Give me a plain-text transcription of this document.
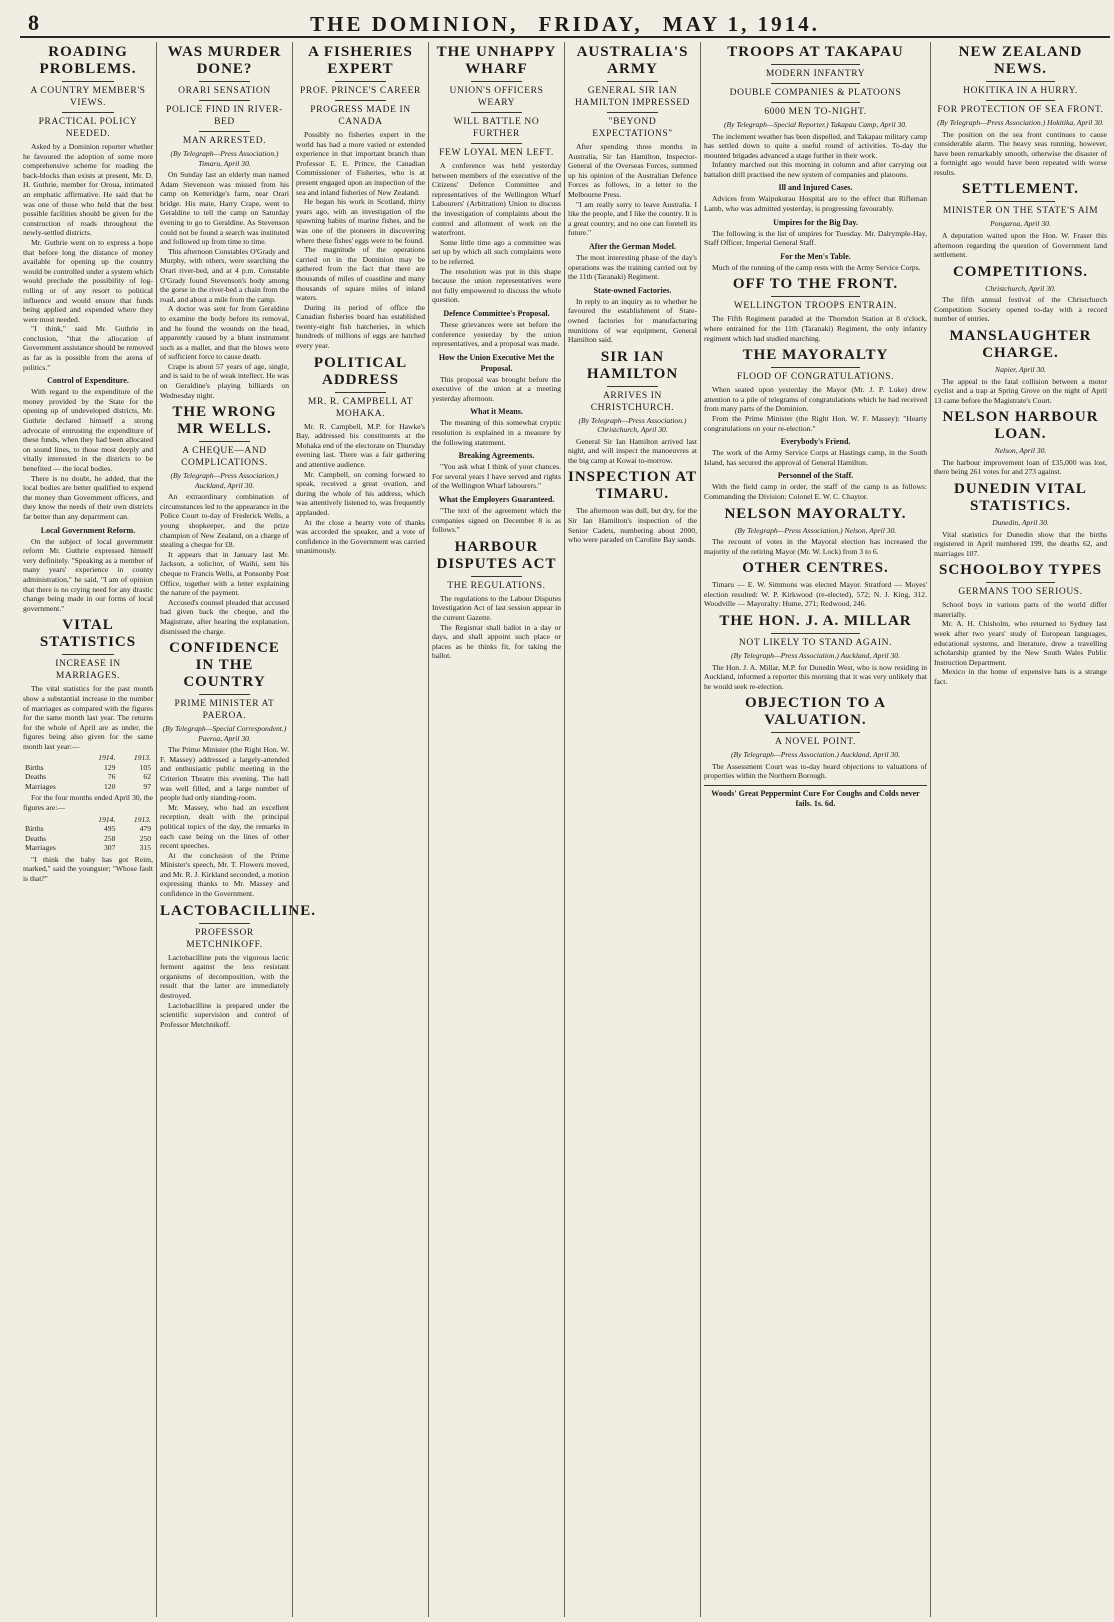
8	THE DOMINION, FRIDAY, MAY 1, 1914.
ROADING PROBLEMS.
A COUNTRY MEMBER'S VIEWS.
PRACTICAL POLICY NEEDED.

Asked by a Dominion reporter whether he favoured the adoption of some more comprehensive scheme for roading the back-blocks than exists at present, Mr. D. H. Guthrie, member for Oroua, intimated an emphatic affirmative. He said that he was one of those who held that the best possible facilities should be given for the construction of roads throughout the newly-settled districts.

Mr. Guthrie went on to express a hope that before long the distance of money available for opening up the country would be controlled under a system which would preclude the possibility of log-rolling or of any resort to political influence and would ensure that funds being applied and expended where they were most needed.

"I think," said Mr. Guthrie in conclusion, "that the allocation of Government assistance should be removed as far as is possible from the arena of politics."

Control of Expenditure.

With regard to the expenditure of the money provided by the State for the opening up of undeveloped districts, Mr. Guthrie declared himself a strong advocate of entrusting the expenditure of these funds, when they had been allocated on sound lines, to those most deeply and vitally interested in the districts to be benefited — the local bodies.

There is no doubt, he added, that the local bodies are better qualified to expend the money than Government officers, and they know the needs of their own districts far better than any department can.

Local Government Reform.

On the subject of local government reform Mr. Guthrie expressed himself very definitely. "Speaking as a member of many years' experience in county administration," he said, "I am of opinion that there is no crying need for any drastic change being made in our forms of local government."

VITAL STATISTICS
INCREASE IN MARRIAGES.

The vital statistics for the past month show a substantial increase in the number of marriages as compared with the figures for the same month last year. The returns for the whole of April are as under, the figures being also given for the same month last year:—

	1914.	1913.
Births	129	105
Deaths	76	62
Marriages	120	97

For the four months ended April 30, the figures are:—

	1914.	1913.
Births	495	479
Deaths	258	250
Marriages	307	315

"I think the baby has got Reim, marked," said the youngster; "Whose fault is that?"

WAS MURDER DONE?
ORARI SENSATION
POLICE FIND IN RIVER-BED
MAN ARRESTED.
(By Telegraph—Press Association.) Timaru, April 30.

On Sunday last an elderly man named Adam Stevenson was missed from his camp on Ketteridge's farm, near Orari bridge. His mate, Harry Crape, went to Geraldine to tell the camp on Saturday evening to go to Geraldine. As Stevenson could not be found a search was instituted and followed up from time to time.

This afternoon Constables O'Grady and Murphy, with others, were searching the Orari river-bed, and at 4 p.m. Constable O'Grady found Stevenson's body among the gorse in the river-bed a chain from the road, and about a mile from the camp.

A doctor was sent for from Geraldine to examine the body before its removal, and he found the wounds on the head, apparently caused by a blunt instrument such as a mallet, and that the blows were of sufficient force to cause death.

Crape is about 57 years of age, single, and is said to be of weak intellect. He was on Geraldine's playing billiards on Wednesday night.

THE WRONG MR WELLS.
A CHEQUE—AND COMPLICATIONS.
(By Telegraph—Press Association.) Auckland, April 30.

An extraordinary combination of circumstances led to the appearance in the Police Court to-day of Frederick Wells, a young shopkeeper, and the prize champion of New Zealand, on a charge of stealing a cheque for £8.

It appears that in January last Mr. Jackson, a solicitor, of Waihi, sent his cheque to Francis Wells, at Ponsonby Post Office, together with a letter explaining the nature of the payment.

Accused's counsel pleaded that accused had given back the cheque, and the Magistrate, after hearing the explanation, dismissed the charge.

CONFIDENCE IN THE COUNTRY
PRIME MINISTER AT PAEROA.
(By Telegraph—Special Correspondent.) Paeroa, April 30.

The Prime Minister (the Right Hon. W. F. Massey) addressed a largely-attended and enthusiastic public meeting in the Criterion Theatre this evening. The hall was well filled, and a large number of people had only standing-room.

Mr. Massey, who had an excellent reception, dealt with the principal political topics of the day, the remarks in each case being on the lines of other recent speeches.

At the conclusion of the Prime Minister's speech, Mr. T. Flowers moved, and Mr. R. J. Kirkland seconded, a motion expressing thanks to Mr. Massey and confidence in the Government.

LACTOBACILLINE.
PROFESSOR METCHNIKOFF.

Lactobacilline puts the vigorous lactic ferment against the less resistant organisms of decomposition, with the result that the latter are immediately destroyed.

Lactobacilline is prepared under the scientific supervision and control of Professor Metchnikoff.

A FISHERIES EXPERT
PROF. PRINCE'S CAREER
PROGRESS MADE IN CANADA

Possibly no fisheries expert in the world has had a more varied or extended experience in that important branch than Professor E. E. Prince, the Canadian Commissioner of Fisheries, who is at present engaged upon an inspection of the sea and inland fisheries of New Zealand.

He began his work in Scotland, thirty years ago, with an investigation of the spawning habits of marine fishes, and he was one of the pioneers in discovering where these fishes' eggs were to be found.

The magnitude of the operations carried on in the Dominion may be gathered from the fact that there are thousands of miles of coastline and many thousands of square miles of inland waters.

During its period of office the Canadian fisheries board has established twenty-eight fish hatcheries, in which hundreds of millions of eggs are hatched every year.

POLITICAL ADDRESS
MR. R. CAMPBELL AT MOHAKA.

Mr. R. Campbell, M.P. for Hawke's Bay, addressed his constituents at the Mohaka end of the electorate on Thursday evening last. There was a fair gathering and attentive audience.

Mr. Campbell, on coming forward to speak, received a great ovation, and during the whole of his address, which was attentively listened to, was frequently applauded.

At the close a hearty vote of thanks was accorded the speaker, and a vote of confidence in the Government was carried unanimously.

THE UNHAPPY WHARF
UNION'S OFFICERS WEARY
WILL BATTLE NO FURTHER
FEW LOYAL MEN LEFT.

A conference was held yesterday between members of the executive of the Citizens' Defence Committee and representatives of the Wellington Wharf Labourers' (Arbitration) Union to discuss the investigation of complaints about the control and allotment of work on the waterfront.

Some little time ago a committee was set up by which all such complaints were to be referred.

The resolution was put in this shape because the union representatives were not fully empowered to discuss the whole question.

Defence Committee's Proposal.

These grievances were set before the conference yesterday by the union representatives, and a proposal was made.

How the Union Executive Met the Proposal.

This proposal was brought before the executive of the union at a meeting yesterday afternoon.

What it Means.

The meaning of this somewhat cryptic resolution is explained in a measure by the following statement.

Breaking Agreements.

"You ask what I think of your chances. For several years I have served and rights of the Wellington Wharf labourers."

What the Employers Guaranteed.

"The text of the agreement which the companies signed on December 8 is as follows."

HARBOUR DISPUTES ACT
THE REGULATIONS.

The regulations to the Labour Disputes Investigation Act of last session appear in the current Gazette.

The Registrar shall ballot in a day or days, and shall appoint such place or places as he thinks fit, for taking the ballot.

AUSTRALIA'S ARMY
GENERAL SIR IAN HAMILTON IMPRESSED
"BEYOND EXPECTATIONS"

After spending three months in Australia, Sir Ian Hamilton, Inspector-General of the Overseas Forces, summed up his opinion of the Australian Defence Forces as follows, in a letter to the Melbourne Press.

"I am really sorry to leave Australia. I like the people, and I like the country. It is a great country, and no one can foretell its future."

After the German Model.

The most interesting phase of the day's operations was the training carried out by the 11th (Taranaki) Regiment.

State-owned Factories.

In reply to an inquiry as to whether he favoured the establishment of State-owned factories for manufacturing munitions of war equipment, General Hamilton said.

SIR IAN HAMILTON
ARRIVES IN CHRISTCHURCH.
(By Telegraph—Press Association.) Christchurch, April 30.

General Sir Ian Hamilton arrived last night, and will inspect the manoeuvres at the big camp at Kowai to-morrow.

INSPECTION AT TIMARU.

The afternoon was dull, but dry, for the Sir Ian Hamilton's inspection of the Senior Cadets, numbering about 2000, who were paraded on Caroline Bay sands.

TROOPS AT TAKAPAU
MODERN INFANTRY
DOUBLE COMPANIES & PLATOONS
6000 MEN TO-NIGHT.
(By Telegraph—Special Reporter.) Takapau Camp, April 30.

The inclement weather has been dispelled, and Takapau military camp has settled down to quite a useful round of activities. To-day the mounted brigades advanced a stage further in their work.

Infantry marched out this morning in column and after carrying out battalion drill practised the new system of companies and platoons.

Ill and Injured Cases.

Advices from Waipukurau Hospital are to the effect that Rifleman Lamb, who was admitted yesterday, is progressing favourably.

Umpires for the Big Day.

The following is the list of umpires for Tuesday. Mr. Dalrymple-Hay, Staff Officer, Imperial General Staff.

For the Men's Table.

Much of the running of the camp rests with the Army Service Corps.

OFF TO THE FRONT.
WELLINGTON TROOPS ENTRAIN.

The Fifth Regiment paraded at the Thorndon Station at 8 o'clock, where entrained for the 11th (Taranaki) Regiment, the only infantry regiment which had studied marching.

THE MAYORALTY
FLOOD OF CONGRATULATIONS.

When seated upon yesterday the Mayor (Mr. J. P. Luke) drew attention to a pile of telegrams of congratulations which he had received from many parts of the Dominion.

From the Prime Minister (the Right Hon. W. F. Massey): "Hearty congratulations on your re-election."

Everybody's Friend.

The work of the Army Service Corps at Hastings camp, in the South Island, has secured the approval of General Hamilton.

Personnel of the Staff.

With the field camp in order, the staff of the camp is as follows: Commanding the Division: Colonel E. W. C. Chaytor.

NELSON MAYORALTY.
(By Telegraph—Press Association.) Nelson, April 30.

The recount of votes in the Mayoral election has increased the majority of the retiring Mayor (Mr. W. Lock) from 3 to 6.

OTHER CENTRES.

Timaru — E. W. Simmons was elected Mayor. Stratford — Moyes' election resulted: W. P. Kirkwood (re-elected), 572; N. J. King, 312. Woodville — Mayoralty: Hume, 271; Redwood, 246.

THE HON. J. A. MILLAR
NOT LIKELY TO STAND AGAIN.
(By Telegraph—Press Association.) Auckland, April 30.

The Hon. J. A. Millar, M.P. for Dunedin West, who is now residing in Auckland, informed a reporter this morning that it was very unlikely that he would seek re-election.

OBJECTION TO A VALUATION.
A NOVEL POINT.
(By Telegraph—Press Association.) Auckland, April 30.

The Assessment Court was to-day heard objections to valuations of properties within the Northern Borough.

Woods' Great Peppermint Cure For Coughs and Colds never fails. 1s. 6d.
NEW ZEALAND NEWS.
HOKITIKA IN A HURRY.
FOR PROTECTION OF SEA FRONT.
(By Telegraph—Press Association.) Hokitika, April 30.

The position on the sea front continues to cause considerable alarm. The heavy seas running, however, have been remarkably smooth, otherwise the disaster of a fortnight ago would have been repeated with worse results.

SETTLEMENT.
MINISTER ON THE STATE'S AIM
Pongaroa, April 30.

A deputation waited upon the Hon. W. Fraser this afternoon regarding the question of Government land settlement.

COMPETITIONS.
Christchurch, April 30.

The fifth annual festival of the Christchurch Competition Society opened to-day with a record number of entries.

MANSLAUGHTER CHARGE.
Napier, April 30.

The appeal to the fatal collision between a motor cyclist and a trap at Spring Grove on the night of April 13 came before the Magistrate's Court.

NELSON HARBOUR LOAN.
Nelson, April 30.

The harbour improvement loan of £35,000 was lost, there being 261 votes for and 273 against.

DUNEDIN VITAL STATISTICS.
Dunedin, April 30.

Vital statistics for Dunedin show that the births registered in April numbered 199, the deaths 62, and marriages 107.

SCHOOLBOY TYPES
GERMANS TOO SERIOUS.

School boys in various parts of the world differ materially.

Mr. A. H. Chisholm, who returned to Sydney last week after two years' study of European languages, educational systems, and literature, drew a travelling scholarship granted by the New South Wales Public Instruction Department.

Mexico in the home of expensive hats is a strange fact.
